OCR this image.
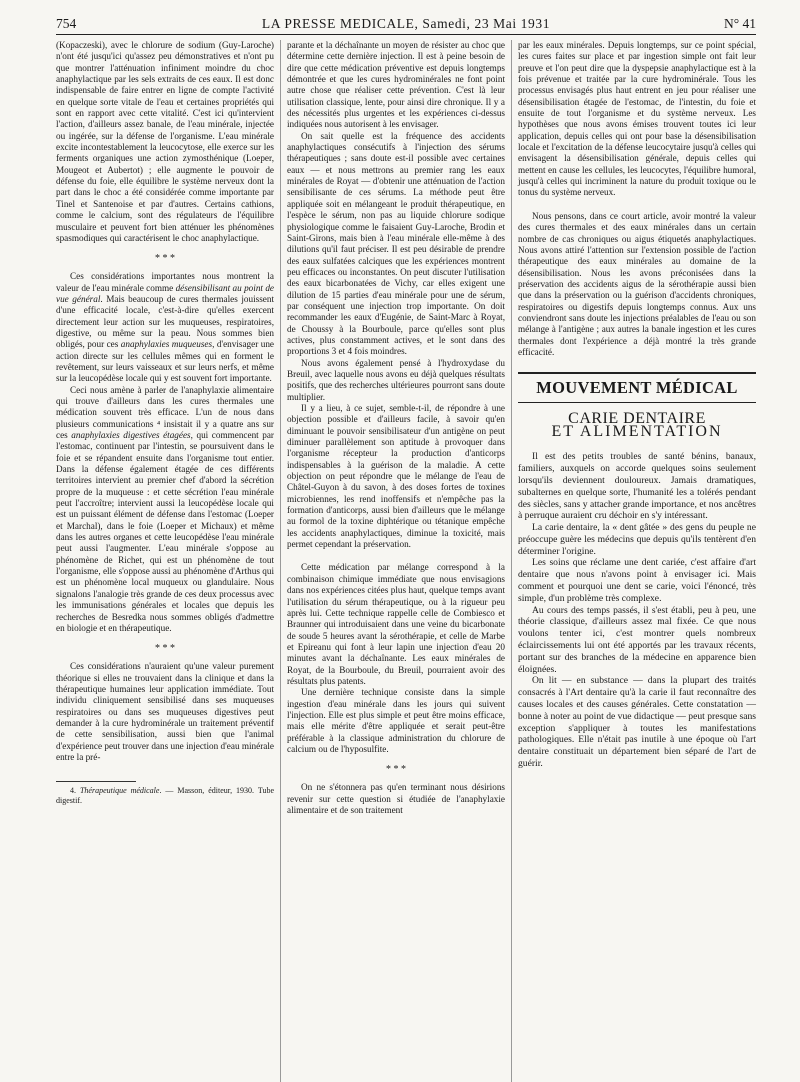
754	LA PRESSE MEDICALE, Samedi, 23 Mai 1931	N° 41

(Kopaczeski), avec le chlorure de sodium (Guy-Laroche) n'ont été jusqu'ici qu'assez peu démonstratives et n'ont pu que montrer l'atténuation infiniment moindre du choc anaphylactique par les sels extraits de ces eaux. Il est donc indispensable de faire entrer en ligne de compte l'activité en quelque sorte vitale de l'eau et certaines propriétés qui sont en rapport avec cette vitalité. C'est ici qu'intervient l'action, d'ailleurs assez banale, de l'eau minérale, injectée ou ingérée, sur la défense de l'organisme. L'eau minérale excite incontestablement la leucocytose, elle exerce sur les ferments organiques une action zymosthénique (Loeper, Mougeot et Aubertot) ; elle augmente le pouvoir de défense du foie, elle équilibre le système nerveux dont la part dans le choc a été considérée comme importante par Tinel et Santenoise et par d'autres. Certains cathions, comme le calcium, sont des régulateurs de l'équilibre musculaire et peuvent fort bien atténuer les phénomènes spasmodiques qui caractérisent le choc anaphylactique.

* * *

Ces considérations importantes nous montrent la valeur de l'eau minérale comme désensibilisant au point de vue général. Mais beaucoup de cures thermales jouissent d'une efficacité locale, c'est-à-dire qu'elles exercent directement leur action sur les muqueuses, respiratoires, digestive, ou même sur la peau. Nous sommes bien obligés, pour ces anaphylaxies muqueuses, d'envisager une action directe sur les cellules mêmes qui en forment le revêtement, sur leurs vaisseaux et sur leurs nerfs, et même sur la leucopédèse locale qui y est souvent fort importante.

Ceci nous amène à parler de l'anaphylaxie alimentaire qui trouve d'ailleurs dans les cures thermales une médication souvent très efficace. L'un de nous dans plusieurs communications ⁴ insistait il y a quatre ans sur ces anaphylaxies digestives étagées, qui commencent par l'estomac, continuent par l'intestin, se poursuivent dans le foie et se répandent ensuite dans l'organisme tout entier. Dans la défense également étagée de ces différents territoires intervient au premier chef d'abord la sécrétion propre de la muqueuse : et cette sécrétion l'eau minérale peut l'accroître; intervient aussi la leucopédèse locale qui est un puissant élément de défense dans l'estomac (Loeper et Marchal), dans le foie (Loeper et Michaux) et même dans les autres organes et cette leucopédèse l'eau minérale peut aussi l'augmenter. L'eau minérale s'oppose au phénomène de Richet, qui est un phénomène de tout l'organisme, elle s'oppose aussi au phénomène d'Arthus qui est un phénomène local muqueux ou glandulaire. Nous signalons l'analogie très grande de ces deux processus avec les immunisations générales et locales que depuis les recherches de Besredka nous sommes obligés d'admettre en biologie et en thérapeutique.

* * *

Ces considérations n'auraient qu'une valeur purement théorique si elles ne trouvaient dans la clinique et dans la thérapeutique humaines leur application immédiate. Tout individu cliniquement sensibilisé dans ses muqueuses respiratoires ou dans ses muqueuses digestives peut demander à la cure hydrominérale un traitement préventif de cette sensibilisation, aussi bien que l'animal d'expérience peut trouver dans une injection d'eau minérale entre la pré-

4. Thérapeutique médicale. — Masson, éditeur, 1930. Tube digestif.

parante et la déchaînante un moyen de résister au choc que détermine cette dernière injection. Il est à peine besoin de dire que cette médication préventive est depuis longtemps démontrée et que les cures hydrominérales ne font point autre chose que réaliser cette prévention. C'est là leur utilisation classique, lente, pour ainsi dire chronique. Il y a des nécessités plus urgentes et les expériences ci-dessus indiquées nous autorisent à les envisager.

On sait quelle est la fréquence des accidents anaphylactiques consécutifs à l'injection des sérums thérapeutiques ; sans doute est-il possible avec certaines eaux — et nous mettrons au premier rang les eaux minérales de Royat — d'obtenir une atténuation de l'action sensibilisante de ces sérums. La méthode peut être appliquée soit en mélangeant le produit thérapeutique, en l'espèce le sérum, non pas au liquide chlorure sodique physiologique comme le faisaient Guy-Laroche, Brodin et Saint-Girons, mais bien à l'eau minérale elle-même à des dilutions qu'il faut préciser. Il est peu désirable de prendre des eaux sulfatées calciques que les expériences montrent peu efficaces ou inconstantes. On peut discuter l'utilisation des eaux bicarbonatées de Vichy, car elles exigent une dilution de 15 parties d'eau minérale pour une de sérum, par conséquent une injection trop importante. On doit recommander les eaux d'Eugénie, de Saint-Marc à Royat, de Choussy à la Bourboule, parce qu'elles sont plus actives, plus constamment actives, et le sont dans des proportions 3 et 4 fois moindres.

Nous avons également pensé à l'hydroxydase du Breuil, avec laquelle nous avons eu déjà quelques résultats positifs, que des recherches ultérieures pourront sans doute multiplier.

Il y a lieu, à ce sujet, semble-t-il, de répondre à une objection possible et d'ailleurs facile, à savoir qu'en diminuant le pouvoir sensibilisateur d'un antigène on peut diminuer parallèlement son aptitude à provoquer dans l'organisme récepteur la production d'anticorps indispensables à la guérison de la maladie. A cette objection on peut répondre que le mélange de l'eau de Châtel-Guyon à du savon, à des doses fortes de toxines microbiennes, les rend inoffensifs et n'empêche pas la formation d'anticorps, aussi bien d'ailleurs que le mélange au formol de la toxine diphtérique ou tétanique empêche les accidents anaphylactiques, diminue la toxicité, mais permet cependant la préservation.

Cette médication par mélange correspond à la combinaison chimique immédiate que nous envisagions dans nos expériences citées plus haut, quelque temps avant l'utilisation du sérum thérapeutique, ou à la rigueur peu après lui. Cette technique rappelle celle de Combiesco et Braunner qui introduisaient dans une veine du bicarbonate de soude 5 heures avant la sérothérapie, et celle de Marbe et Epireanu qui font à leur lapin une injection d'eau 20 minutes avant la déchaînante. Les eaux minérales de Royat, de la Bourboule, du Breuil, pourraient avoir des résultats plus patents.

Une dernière technique consiste dans la simple ingestion d'eau minérale dans les jours qui suivent l'injection. Elle est plus simple et peut être moins efficace, mais elle mérite d'être appliquée et serait peut-être préférable à la classique administration du chlorure de calcium ou de l'hyposulfite.

* * *

On ne s'étonnera pas qu'en terminant nous désirions revenir sur cette question si étudiée de l'anaphylaxie alimentaire et de son traitement

par les eaux minérales. Depuis longtemps, sur ce point spécial, les cures faites sur place et par ingestion simple ont fait leur preuve et l'on peut dire que la dyspepsie anaphylactique est à la fois prévenue et traitée par la cure hydrominérale. Tous les processus envisagés plus haut entrent en jeu pour réaliser une désensibilisation étagée de l'estomac, de l'intestin, du foie et ensuite de tout l'organisme et du système nerveux. Les hypothèses que nous avons émises trouvent toutes ici leur application, depuis celles qui ont pour base la désensibilisation locale et l'excitation de la défense leucocytaire jusqu'à celles qui envisagent la désensibilisation générale, depuis celles qui mettent en cause les cellules, les leucocytes, l'équilibre humoral, jusqu'à celles qui incriminent la nature du produit toxique ou le tonus du système nerveux.

Nous pensons, dans ce court article, avoir montré la valeur des cures thermales et des eaux minérales dans un certain nombre de cas chroniques ou aigus étiquetés anaphylactiques. Nous avons attiré l'attention sur l'extension possible de l'action thérapeutique des eaux minérales au domaine de la désensibilisation. Nous les avons préconisées dans la préservation des accidents aigus de la sérothérapie aussi bien que dans la préservation ou la guérison d'accidents chroniques, respiratoires ou digestifs depuis longtemps connus. Aux uns conviendront sans doute les injections préalables de l'eau ou son mélange à l'antigène ; aux autres la banale ingestion et les cures thermales dont l'expérience a déjà montré la très grande efficacité.

MOUVEMENT MÉDICAL
CARIE DENTAIRE
ET ALIMENTATION

Il est des petits troubles de santé bénins, banaux, familiers, auxquels on accorde quelques soins seulement lorsqu'ils deviennent douloureux. Jamais dramatiques, subalternes en quelque sorte, l'humanité les a tolérés pendant des siècles, sans y attacher grande importance, et nos ancêtres à perruque auraient cru déchoir en s'y intéressant.

La carie dentaire, la « dent gâtée » des gens du peuple ne préoccupe guère les médecins que depuis qu'ils tentèrent d'en déterminer l'origine.

Les soins que réclame une dent cariée, c'est affaire d'art dentaire que nous n'avons point à envisager ici. Mais comment et pourquoi une dent se carie, voici l'énoncé, très simple, d'un problème très complexe.

Au cours des temps passés, il s'est établi, peu à peu, une théorie classique, d'ailleurs assez mal fixée. Ce que nous voulons tenter ici, c'est montrer quels nombreux éclaircissements lui ont été apportés par les travaux récents, portant sur des branches de la médecine en apparence bien éloignées.

On lit — en substance — dans la plupart des traités consacrés à l'Art dentaire qu'à la carie il faut reconnaître des causes locales et des causes générales. Cette constatation — bonne à noter au point de vue didactique — peut presque sans exception s'appliquer à toutes les manifestations pathologiques. Elle n'était pas inutile à une époque où l'art dentaire constituait un département bien séparé de l'art de guérir.
